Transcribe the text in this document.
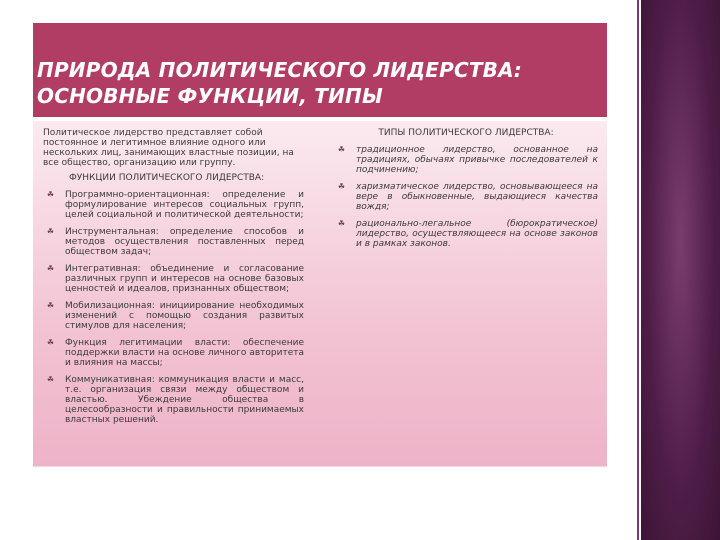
ПРИРОДА ПОЛИТИЧЕСКОГО ЛИДЕРСТВА:
ОСНОВНЫЕ ФУНКЦИИ, ТИПЫ

Политическое лидерство представляет собой постоянное и легитимное влияние одного или нескольких лиц, занимающих властные позиции, на все общество, организацию или группу.

ФУНКЦИИ ПОЛИТИЧЕСКОГО ЛИДЕРСТВА:

☘
Программно-ориентационная: определение и формулирование интересов социальных групп, целей социальной и политической деятельности;
☘
Инструментальная: определение способов и методов осуществления поставленных перед обществом задач;
☘
Интегративная: объединение и согласование различных групп и интересов на основе базовых ценностей и идеалов, признанных обществом;
☘
Мобилизационная: инициирование необходимых изменений с помощью создания развитых стимулов для населения;
☘
Функция легитимации власти: обеспечение поддержки власти на основе личного авторитета и влияния на массы;
☘
Коммуникативная: коммуникация власти и масс, т.е. организация связи между обществом и властью. Убеждение общества в целесообразности и правильности принимаемых властных решений.

ТИПЫ ПОЛИТИЧЕСКОГО ЛИДЕРСТВА:

☘
традиционное лидерство, основанное на традициях, обычаях привычке последователей к подчинению;
☘
харизматическое лидерство, основывающееся на вере в обыкновенные, выдающиеся качества вождя;
☘
рационально-легальное (бюрократическое) лидерство, осуществляющееся на основе законов и в рамках законов.
